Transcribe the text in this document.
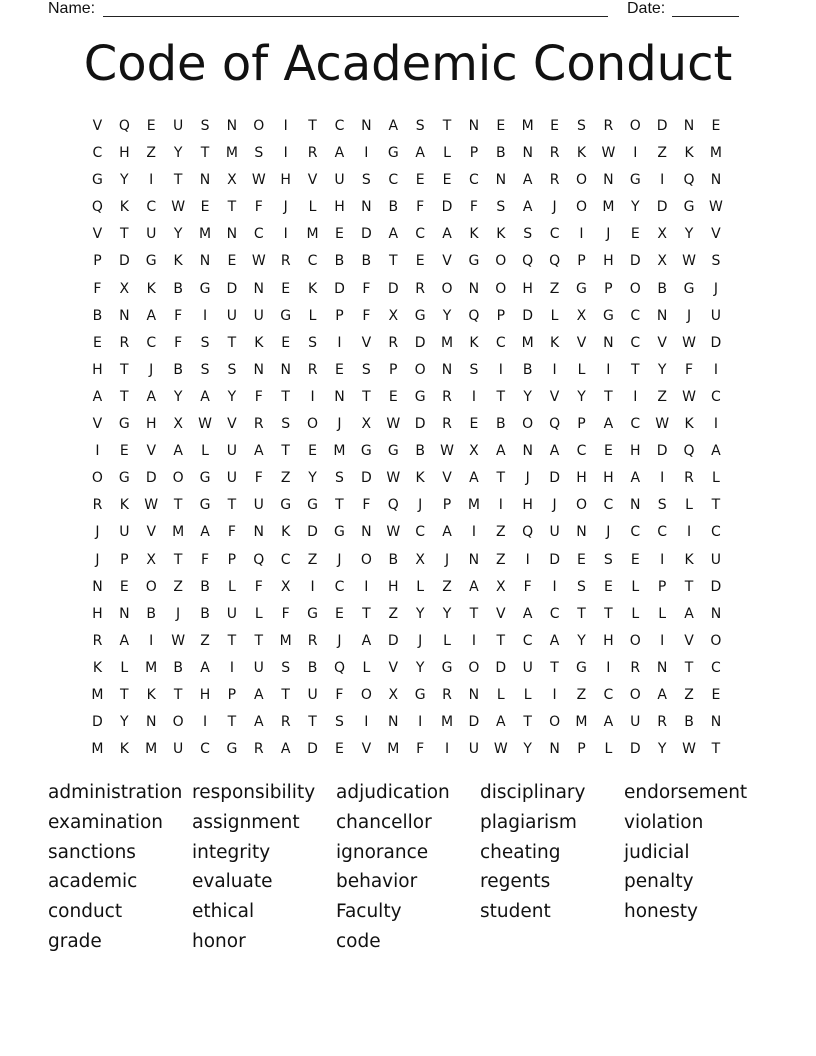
Name:	Date:
Code of Academic Conduct
V	Q	E	U	S	N	O	I	T	C	N	A	S	T	N	E	M	E	S	R	O	D	N	E
C	H	Z	Y	T	M	S	I	R	A	I	G	A	L	P	B	N	R	K	W	I	Z	K	M
G	Y	I	T	N	X	W	H	V	U	S	C	E	E	C	N	A	R	O	N	G	I	Q	N
Q	K	C	W	E	T	F	J	L	H	N	B	F	D	F	S	A	J	O	M	Y	D	G	W
V	T	U	Y	M	N	C	I	M	E	D	A	C	A	K	K	S	C	I	J	E	X	Y	V
P	D	G	K	N	E	W	R	C	B	B	T	E	V	G	O	Q	Q	P	H	D	X	W	S
F	X	K	B	G	D	N	E	K	D	F	D	R	O	N	O	H	Z	G	P	O	B	G	J
B	N	A	F	I	U	U	G	L	P	F	X	G	Y	Q	P	D	L	X	G	C	N	J	U
E	R	C	F	S	T	K	E	S	I	V	R	D	M	K	C	M	K	V	N	C	V	W	D
H	T	J	B	S	S	N	N	R	E	S	P	O	N	S	I	B	I	L	I	T	Y	F	I
A	T	A	Y	A	Y	F	T	I	N	T	E	G	R	I	T	Y	V	Y	T	I	Z	W	C
V	G	H	X	W	V	R	S	O	J	X	W	D	R	E	B	O	Q	P	A	C	W	K	I
I	E	V	A	L	U	A	T	E	M	G	G	B	W	X	A	N	A	C	E	H	D	Q	A
O	G	D	O	G	U	F	Z	Y	S	D	W	K	V	A	T	J	D	H	H	A	I	R	L
R	K	W	T	G	T	U	G	G	T	F	Q	J	P	M	I	H	J	O	C	N	S	L	T
J	U	V	M	A	F	N	K	D	G	N	W	C	A	I	Z	Q	U	N	J	C	C	I	C
J	P	X	T	F	P	Q	C	Z	J	O	B	X	J	N	Z	I	D	E	S	E	I	K	U
N	E	O	Z	B	L	F	X	I	C	I	H	L	Z	A	X	F	I	S	E	L	P	T	D
H	N	B	J	B	U	L	F	G	E	T	Z	Y	Y	T	V	A	C	T	T	L	L	A	N
R	A	I	W	Z	T	T	M	R	J	A	D	J	L	I	T	C	A	Y	H	O	I	V	O
K	L	M	B	A	I	U	S	B	Q	L	V	Y	G	O	D	U	T	G	I	R	N	T	C
M	T	K	T	H	P	A	T	U	F	O	X	G	R	N	L	L	I	Z	C	O	A	Z	E
D	Y	N	O	I	T	A	R	T	S	I	N	I	M	D	A	T	O	M	A	U	R	B	N
M	K	M	U	C	G	R	A	D	E	V	M	F	I	U	W	Y	N	P	L	D	Y	W	T
administration responsibility	adjudication	disciplinary	endorsement
examination	assignment	chancellor	plagiarism	violation
sanctions	integrity	ignorance	cheating	judicial
academic	evaluate	behavior	regents	penalty
conduct	ethical	Faculty	student	honesty
grade	honor	code
